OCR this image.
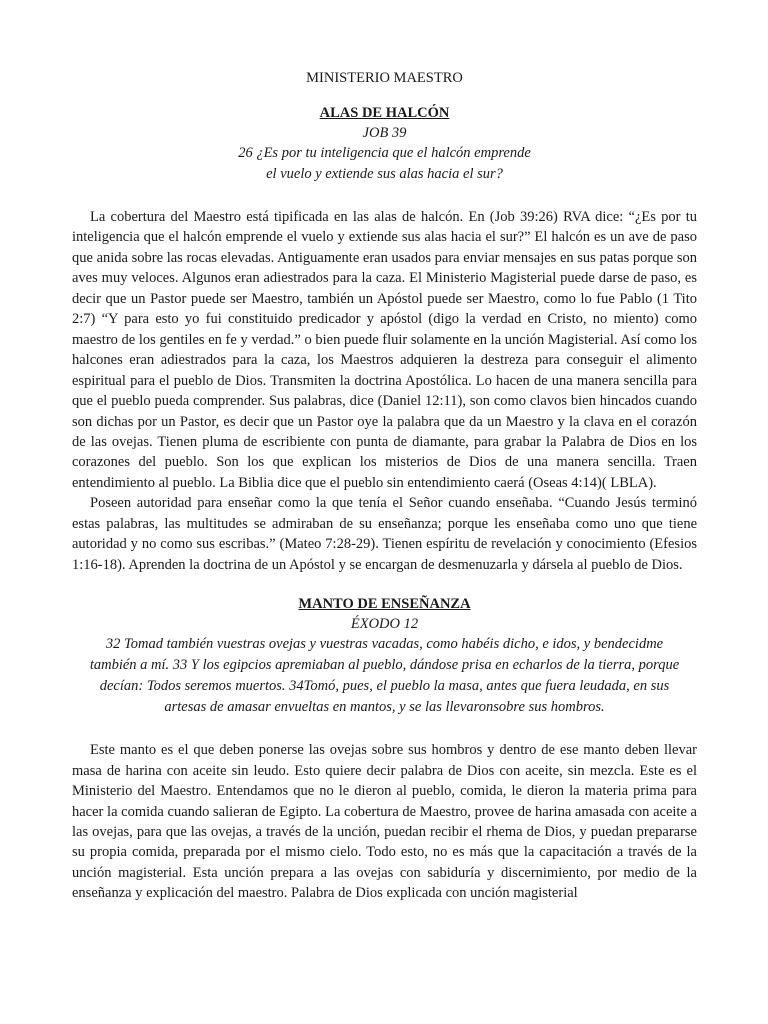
MINISTERIO MAESTRO
ALAS DE HALCÓN
JOB 39
26 ¿Es por tu inteligencia que el halcón emprende
el vuelo y extiende sus alas hacia el sur?

La cobertura del Maestro está tipificada en las alas de halcón. En (Job 39:26) RVA dice: “¿Es por tu inteligencia que el halcón emprende el vuelo y extiende sus alas hacia el sur?” El halcón es un ave de paso que anida sobre las rocas elevadas. Antiguamente eran usados para enviar mensajes en sus patas porque son aves muy veloces. Algunos eran adiestrados para la caza. El Ministerio Magisterial puede darse de paso, es decir que un Pastor puede ser Maestro, también un Apóstol puede ser Maestro, como lo fue Pablo (1 Tito 2:7) “Y para esto yo fui constituido predicador y apóstol (digo la verdad en Cristo, no miento) como maestro de los gentiles en fe y verdad.” o bien puede fluir solamente en la unción Magisterial. Así como los halcones eran adiestrados para la caza, los Maestros adquieren la destreza para conseguir el alimento espiritual para el pueblo de Dios. Transmiten la doctrina Apostólica. Lo hacen de una manera sencilla para que el pueblo pueda comprender. Sus palabras, dice (Daniel 12:11), son como clavos bien hincados cuando son dichas por un Pastor, es decir que un Pastor oye la palabra que da un Maestro y la clava en el corazón de las ovejas. Tienen pluma de escribiente con punta de diamante, para grabar la Palabra de Dios en los corazones del pueblo. Son los que explican los misterios de Dios de una manera sencilla. Traen entendimiento al pueblo. La Biblia dice que el pueblo sin entendimiento caerá (Oseas 4:14)( LBLA).

Poseen autoridad para enseñar como la que tenía el Señor cuando enseñaba. “Cuando Jesús terminó estas palabras, las multitudes se admiraban de su enseñanza; porque les enseñaba como uno que tiene autoridad y no como sus escribas.” (Mateo 7:28-29). Tienen espíritu de revelación y conocimiento (Efesios 1:16-18). Aprenden la doctrina de un Apóstol y se encargan de desmenuzarla y dársela al pueblo de Dios.

MANTO DE ENSEÑANZA
ÉXODO 12
32 Tomad también vuestras ovejas y vuestras vacadas, como habéis dicho, e idos, y bendecidme
también a mí. 33 Y los egipcios apremiaban al pueblo, dándose prisa en echarlos de la tierra, porque
decían: Todos seremos muertos. 34Tomó, pues, el pueblo la masa, antes que fuera leudada, en sus
artesas de amasar envueltas en mantos, y se las llevaronsobre sus hombros.

Este manto es el que deben ponerse las ovejas sobre sus hombros y dentro de ese manto deben llevar masa de harina con aceite sin leudo. Esto quiere decir palabra de Dios con aceite, sin mezcla. Este es el Ministerio del Maestro. Entendamos que no le dieron al pueblo, comida, le dieron la materia prima para hacer la comida cuando salieran de Egipto. La cobertura de Maestro, provee de harina amasada con aceite a las ovejas, para que las ovejas, a través de la unción, puedan recibir el rhema de Dios, y puedan prepararse su propia comida, preparada por el mismo cielo. Todo esto, no es más que la capacitación a través de la unción magisterial. Esta unción prepara a las ovejas con sabiduría y discernimiento, por medio de la enseñanza y explicación del maestro. Palabra de Dios explicada con unción magisterial
